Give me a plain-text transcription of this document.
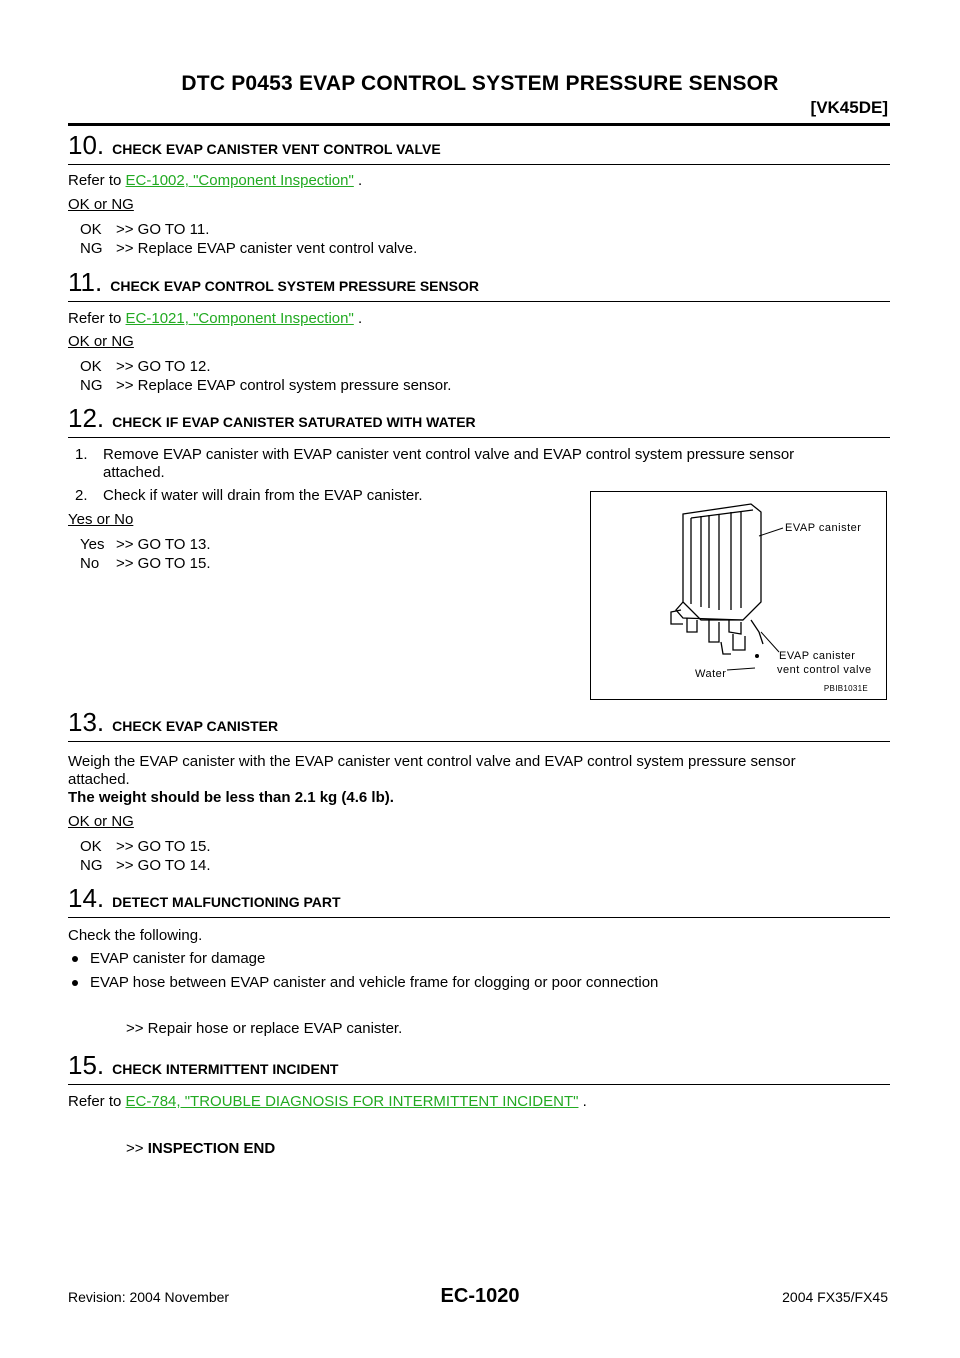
DTC P0453 EVAP CONTROL SYSTEM PRESSURE SENSOR
[VK45DE]
10. CHECK EVAP CANISTER VENT CONTROL VALVE
Refer to EC-1002, "Component Inspection" .
OK or NG
OK >> GO TO 11.
NG >> Replace EVAP canister vent control valve.
11. CHECK EVAP CONTROL SYSTEM PRESSURE SENSOR
Refer to EC-1021, "Component Inspection" .
OK or NG
OK >> GO TO 12.
NG >> Replace EVAP control system pressure sensor.
12. CHECK IF EVAP CANISTER SATURATED WITH WATER
1. Remove EVAP canister with EVAP canister vent control valve and EVAP control system pressure sensor
attached.
2. Check if water will drain from the EVAP canister.
Yes or No
Yes >> GO TO 13.
No >> GO TO 15.
EVAP canister
EVAP canister
vent control valve
Water
PBIB1031E
13. CHECK EVAP CANISTER
Weigh the EVAP canister with the EVAP canister vent control valve and EVAP control system pressure sensor
attached.
The weight should be less than 2.1 kg (4.6 lb).
OK or NG
OK >> GO TO 15.
NG >> GO TO 14.
14. DETECT MALFUNCTIONING PART
Check the following.
EVAP canister for damage
EVAP hose between EVAP canister and vehicle frame for clogging or poor connection
>> Repair hose or replace EVAP canister.
15. CHECK INTERMITTENT INCIDENT
Refer to EC-784, "TROUBLE DIAGNOSIS FOR INTERMITTENT INCIDENT" .
>> INSPECTION END
EC-1020
Revision: 2004 November	2004 FX35/FX45
